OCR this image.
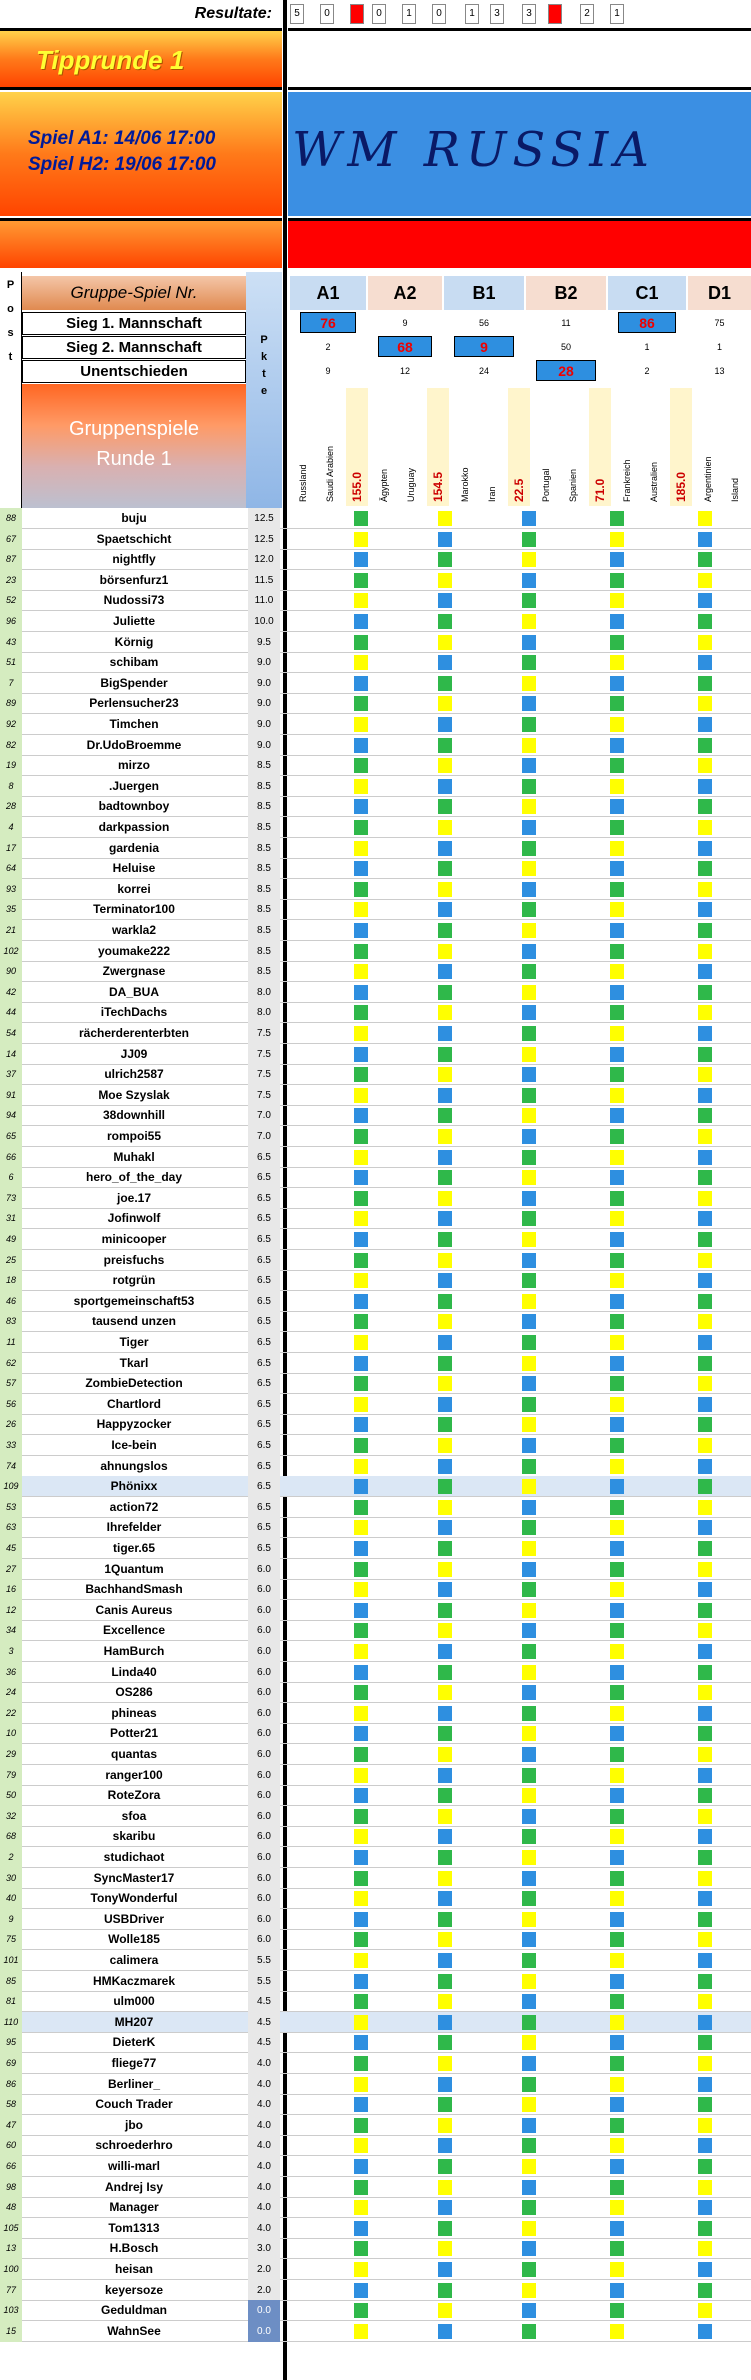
Resultate:	5	0	0	1	0	1	3	3	2	1
Tipprunde 1
Spiel A1: 14/06 17:00
Spiel H2: 19/06 17:00 WM RUSSIA
P
o
s
t
P
k
t
e
Gruppe-Spiel Nr.
Sieg 1. Mannschaft
Sieg 2. Mannschaft
Unentschieden
Gruppenspiele
Runde 1
A1	A2	B1	B2	C1	D1
76	9	56	11	86	75
2	68	9	50	1	1
9	12	24	28	2	13
Russland	Saudi Arabien	155.0	Ägypten	Uruguay	154.5	Marokko	Iran	22.5	Portugal	Spanien	71.0	Frankreich	Australien	185.0	Argentinien	Island
88	buju	12.5
67	Spaetschicht	12.5
87	nightfly	12.0
23	börsenfurz1	11.5
52	Nudossi73	11.0
96	Juliette	10.0
43	Körnig	9.5
51	schibam	9.0
7	BigSpender	9.0
89	Perlensucher23	9.0
92	Timchen	9.0
82	Dr.UdoBroemme	9.0
19	mirzo	8.5
8	.Juergen	8.5
28	badtownboy	8.5
4	darkpassion	8.5
17	gardenia	8.5
64	Heluise	8.5
93	korrei	8.5
35	Terminator100	8.5
21	warkla2	8.5
102	youmake222	8.5
90	Zwergnase	8.5
42	DA_BUA	8.0
44	iTechDachs	8.0
54	rächerderenterbten	7.5
14	JJ09	7.5
37	ulrich2587	7.5
91	Moe Szyslak	7.5
94	38downhill	7.0
65	rompoi55	7.0
66	Muhakl	6.5
6	hero_of_the_day	6.5
73	joe.17	6.5
31	Jofinwolf	6.5
49	minicooper	6.5
25	preisfuchs	6.5
18	rotgrün	6.5
46	sportgemeinschaft53	6.5
83	tausend unzen	6.5
11	Tiger	6.5
62	Tkarl	6.5
57	ZombieDetection	6.5
56	Chartlord	6.5
26	Happyzocker	6.5
33	Ice-bein	6.5
74	ahnungslos	6.5
109	Phönixx	6.5
53	action72	6.5
63	Ihrefelder	6.5
45	tiger.65	6.5
27	1Quantum	6.0
16	BachhandSmash	6.0
12	Canis Aureus	6.0
34	Excellence	6.0
3	HamBurch	6.0
36	Linda40	6.0
24	OS286	6.0
22	phineas	6.0
10	Potter21	6.0
29	quantas	6.0
79	ranger100	6.0
50	RoteZora	6.0
32	sfoa	6.0
68	skaribu	6.0
2	studichaot	6.0
30	SyncMaster17	6.0
40	TonyWonderful	6.0
9	USBDriver	6.0
75	Wolle185	6.0
101	calimera	5.5
85	HMKaczmarek	5.5
81	ulm000	4.5
110	MH207	4.5
95	DieterK	4.5
69	fliege77	4.0
86	Berliner_	4.0
58	Couch Trader	4.0
47	jbo	4.0
60	schroederhro	4.0
66	willi-marl	4.0
98	Andrej Isy	4.0
48	Manager	4.0
105	Tom1313	4.0
13	H.Bosch	3.0
100	heisan	2.0
77	keyersoze	2.0
103	Geduldman	0.0
15	WahnSee	0.0
